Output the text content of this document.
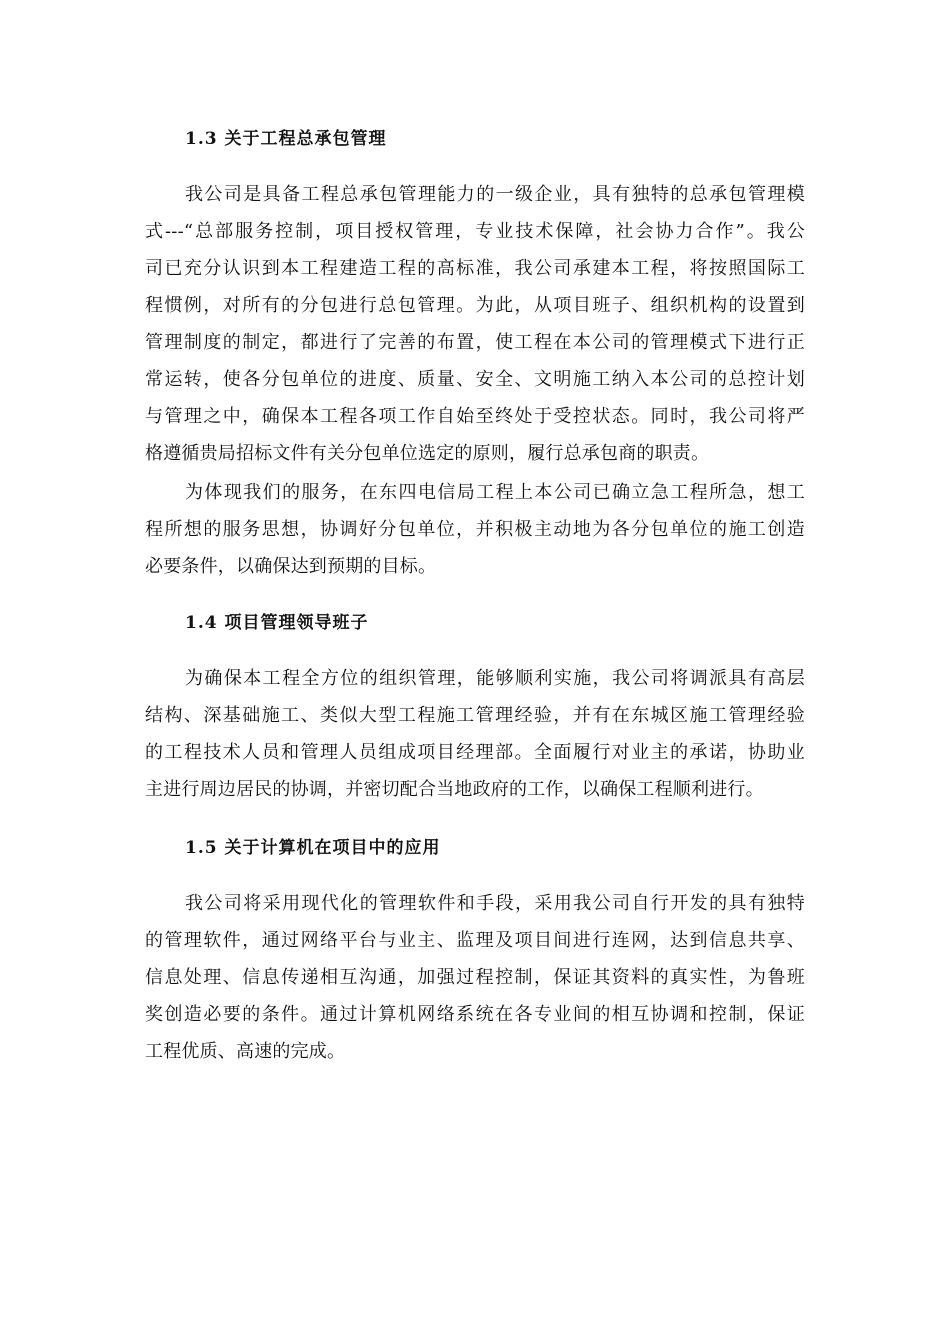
1.3 关于工程总承包管理
我公司是具备工程总承包管理能力的一级企业，具有独特的总承包管理模
式---“总部服务控制，项目授权管理，专业技术保障，社会协力合作”。我公
司已充分认识到本工程建造工程的高标准，我公司承建本工程，将按照国际工
程惯例，对所有的分包进行总包管理。为此，从项目班子、组织机构的设置到
管理制度的制定，都进行了完善的布置，使工程在本公司的管理模式下进行正
常运转，使各分包单位的进度、质量、安全、文明施工纳入本公司的总控计划
与管理之中，确保本工程各项工作自始至终处于受控状态。同时，我公司将严
格遵循贵局招标文件有关分包单位选定的原则，履行总承包商的职责。
为体现我们的服务，在东四电信局工程上本公司已确立急工程所急，想工
程所想的服务思想，协调好分包单位，并积极主动地为各分包单位的施工创造
必要条件，以确保达到预期的目标。
1.4 项目管理领导班子
为确保本工程全方位的组织管理，能够顺利实施，我公司将调派具有高层
结构、深基础施工、类似大型工程施工管理经验，并有在东城区施工管理经验
的工程技术人员和管理人员组成项目经理部。全面履行对业主的承诺，协助业
主进行周边居民的协调，并密切配合当地政府的工作，以确保工程顺利进行。
1.5 关于计算机在项目中的应用
我公司将采用现代化的管理软件和手段，采用我公司自行开发的具有独特
的管理软件，通过网络平台与业主、监理及项目间进行连网，达到信息共享、
信息处理、信息传递相互沟通，加强过程控制，保证其资料的真实性，为鲁班
奖创造必要的条件。通过计算机网络系统在各专业间的相互协调和控制，保证
工程优质、高速的完成。
